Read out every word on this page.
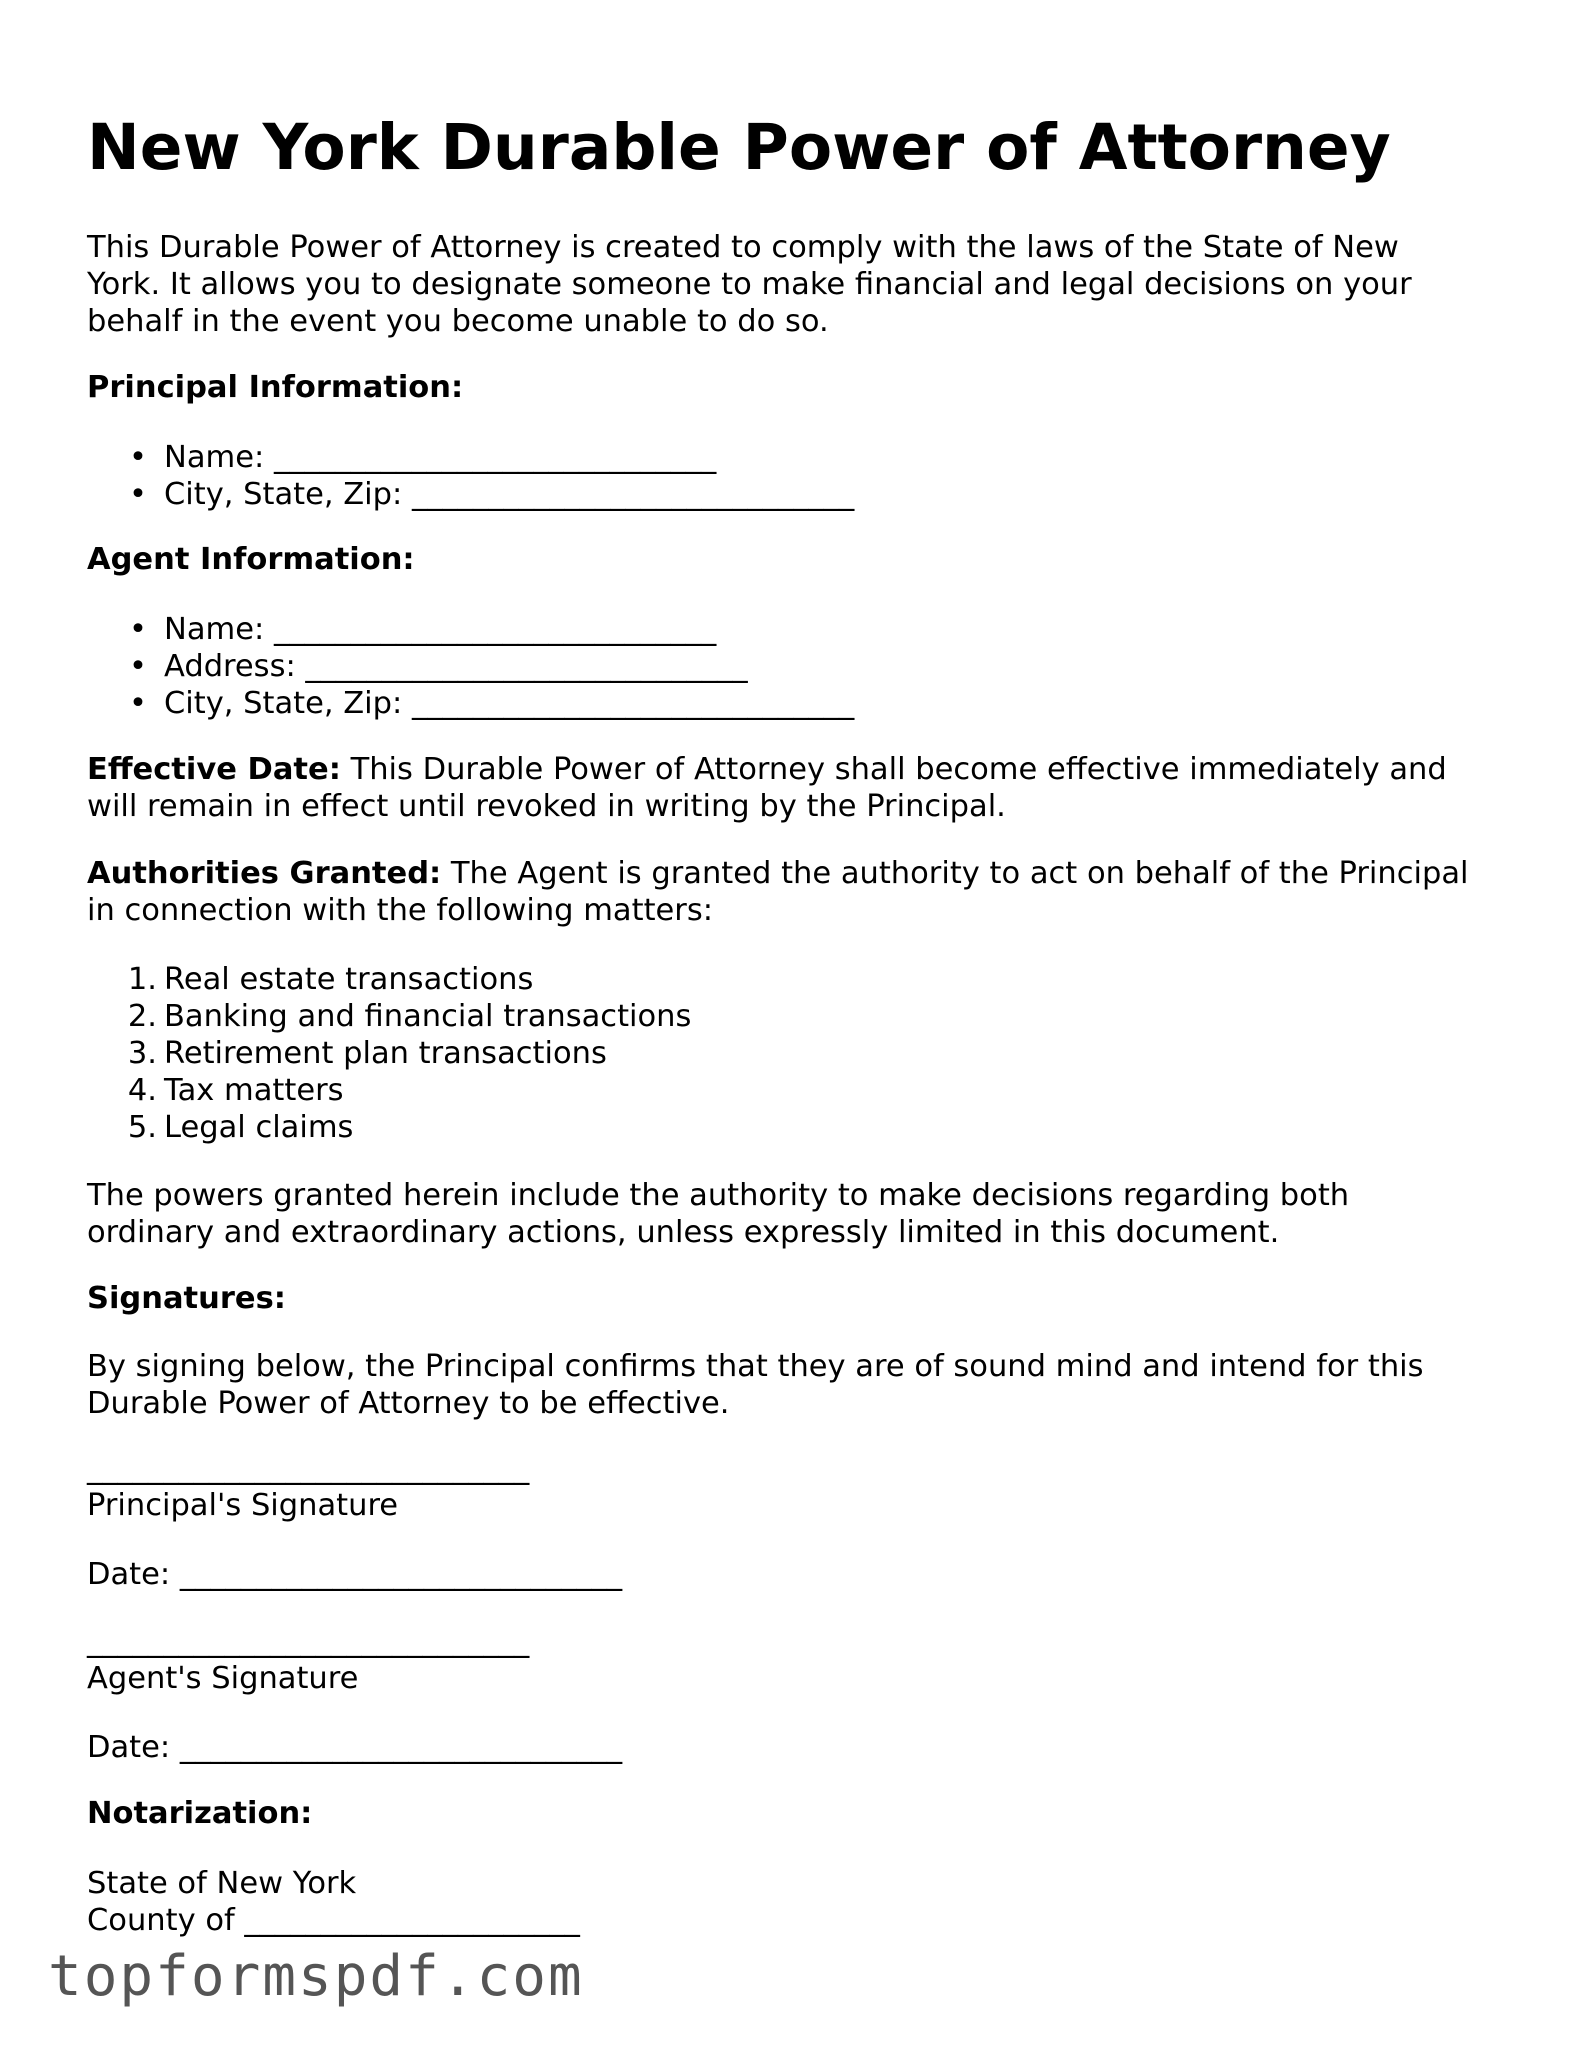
New York Durable Power of Attorney

This Durable Power of Attorney is created to comply with the laws of the State of New

York. It allows you to designate someone to make financial and legal decisions on your

behalf in the event you become unable to do so.

Principal Information:

• Name: _____________________________

• City, State, Zip: _____________________________

Agent Information:

• Name: _____________________________

• Address: _____________________________

• City, State, Zip: _____________________________

Effective Date: This Durable Power of Attorney shall become effective immediately and

will remain in effect until revoked in writing by the Principal.

Authorities Granted: The Agent is granted the authority to act on behalf of the Principal

in connection with the following matters:

1. Real estate transactions

2. Banking and financial transactions

3. Retirement plan transactions

4. Tax matters

5. Legal claims

The powers granted herein include the authority to make decisions regarding both

ordinary and extraordinary actions, unless expressly limited in this document.

Signatures:

By signing below, the Principal confirms that they are of sound mind and intend for this

Durable Power of Attorney to be effective.

_____________________________

Principal's Signature

Date: _____________________________

_____________________________

Agent's Signature

Date: _____________________________

Notarization:

State of New York

County of ______________________

topformspdf.com
